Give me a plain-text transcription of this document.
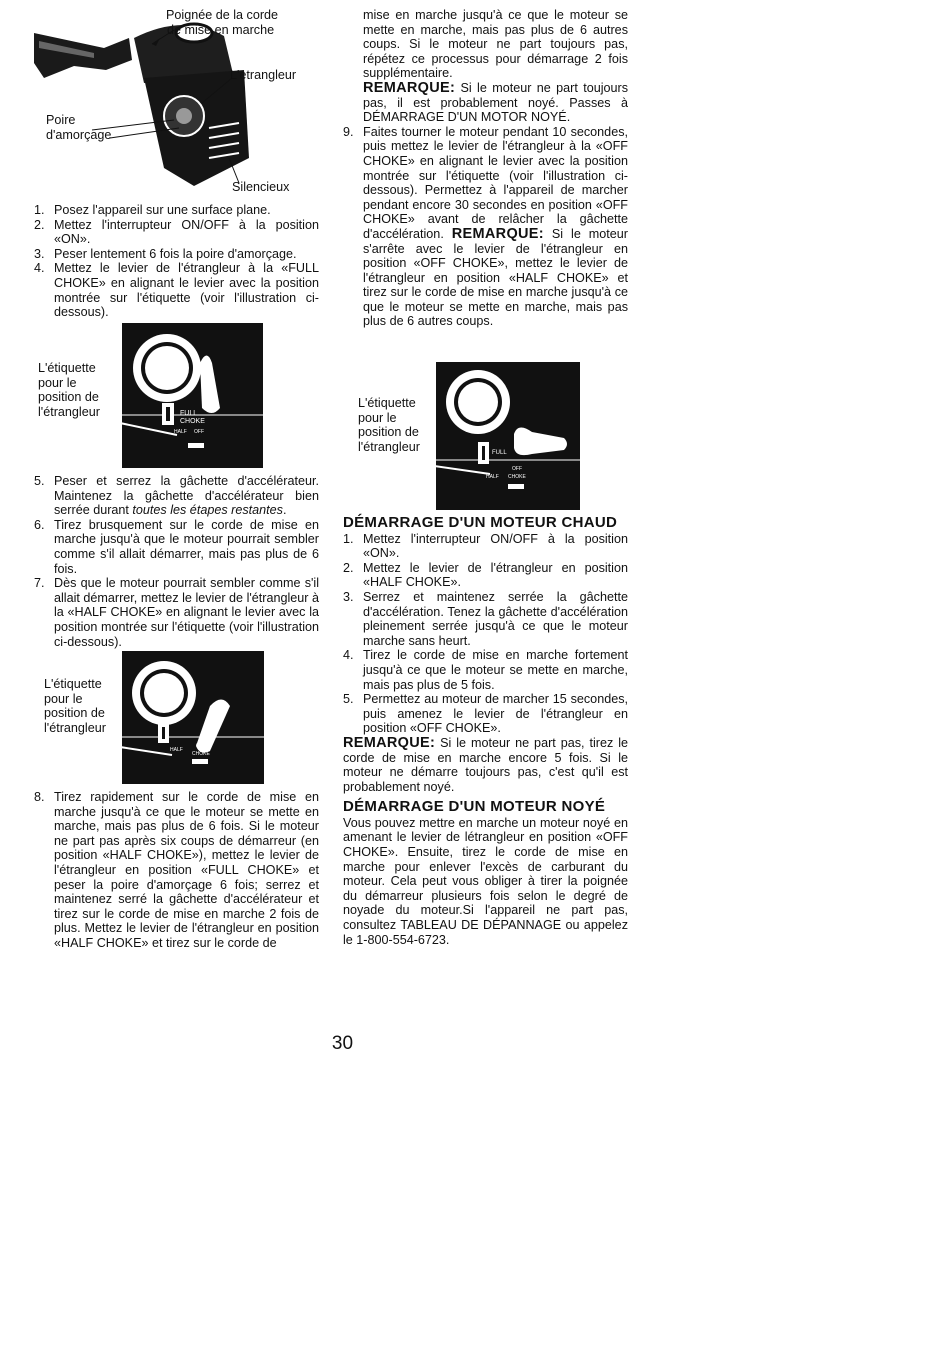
Poignée de la corde
de mise en marche
L'etrangleur
Poire
d'amorçage
Silencieux
1. Posez l'appareil sur une surface plane.
2. Mettez l'interrupteur ON/OFF à la position «ON».
3. Peser lentement 6 fois la poire d'amorçage.
4. Mettez le levier de l'étrangleur à la «FULL CHOKE» en alignant le levier avec la position montrée sur l'étiquette (voir l'illustration ci-dessous).
L'étiquette
pour le
position de
l'étrangleur	FULL
CHOKE
HALF OFF
5. Peser et serrez la gâchette d'accélérateur. Maintenez la gâchette d'accélérateur bien serrée durant toutes les étapes restantes.
6. Tirez brusquement sur le corde de mise en marche jusqu'à que le moteur pourrait sembler comme s'il allait démarrer, mais pas plus de 6 fois.
7. Dès que le moteur pourrait sembler comme s'il allait démarrer, mettez le levier de l'étrangleur à la «HALF CHOKE» en alignant le levier avec la position montrée sur l'étiquette (voir l'illustration ci-dessous).
L'étiquette
pour le
position de
l'étrangleur
HALF
OFF
CHOKE
8. Tirez rapidement sur le corde de mise en marche jusqu'à ce que le moteur se mette en marche, mais pas plus de 6 fois. Si le moteur ne part pas après six coups de démarreur (en position «HALF CHOKE»), mettez le levier de l'étrangleur en position «FULL CHOKE» et peser la poire d'amorçage 6 fois; serrez et maintenez serré la gâchette d'accélérateur et tirez sur le corde de mise en marche 2 fois de plus. Mettez le levier de l'étrangleur en position «HALF CHOKE» et tirez sur le corde de

mise en marche jusqu'à ce que le moteur se mette en marche, mais pas plus de 6 autres coups. Si le moteur ne part toujours pas, répétez ce processus pour démarrage 2 fois supplémentaire.

REMARQUE: Si le moteur ne part toujours pas, il est probablement noyé. Passes à DÉMARRAGE D'UN MOTOR NOYÉ.

9. Faites tourner le moteur pendant 10 secondes, puis mettez le levier de l'étrangleur à la «OFF CHOKE» en alignant le levier avec la position montrée sur l'étiquette (voir l'illustration ci-dessous). Permettez à l'appareil de marcher pendant encore 30 secondes en position «OFF CHOKE» avant de relâcher la gâchette d'accélération. REMARQUE: Si le moteur s'arrête avec le levier de l'étrangleur en position «OFF CHOKE», mettez le levier de l'étrangleur en position «HALF CHOKE» et tirez sur le corde de mise en marche jusqu'à ce que le moteur se mette en marche, mais pas plus de 6 autres coups.
L'étiquette
pour le
position de
l'étrangleur	FULL
OFF
CHOKE
HALF
DÉMARRAGE D'UN MOTEUR CHAUD
1. Mettez l'interrupteur ON/OFF à la position «ON».
2. Mettez le levier de l'étrangleur en position «HALF CHOKE».
3. Serrez et maintenez serrée la gâchette d'accélération. Tenez la gâchette d'accélération pleinement serrée jusqu'à ce que le moteur marche sans heurt.
4. Tirez le corde de mise en marche fortement jusqu'à ce que le moteur se mette en marche, mais pas plus de 5 fois.
5. Permettez au moteur de marcher 15 secondes, puis amenez le levier de l'étrangleur en position «OFF CHOKE».

REMARQUE: Si le moteur ne part pas, tirez le corde de mise en marche encore 5 fois. Si le moteur ne démarre toujours pas, c'est qu'il est probablement noyé.

DÉMARRAGE D'UN MOTEUR NOYÉ

Vous pouvez mettre en marche un moteur noyé en amenant le levier de létrangleur en position «OFF CHOKE». Ensuite, tirez le corde de mise en marche pour enlever l'excès de carburant du moteur. Cela peut vous obliger à tirer la poignée du démarreur plusieurs fois selon le degré de noyade du moteur.Si l'appareil ne part pas, consultez TABLEAU DE DÉPANNAGE ou appelez le 1-800-554-6723.

30
